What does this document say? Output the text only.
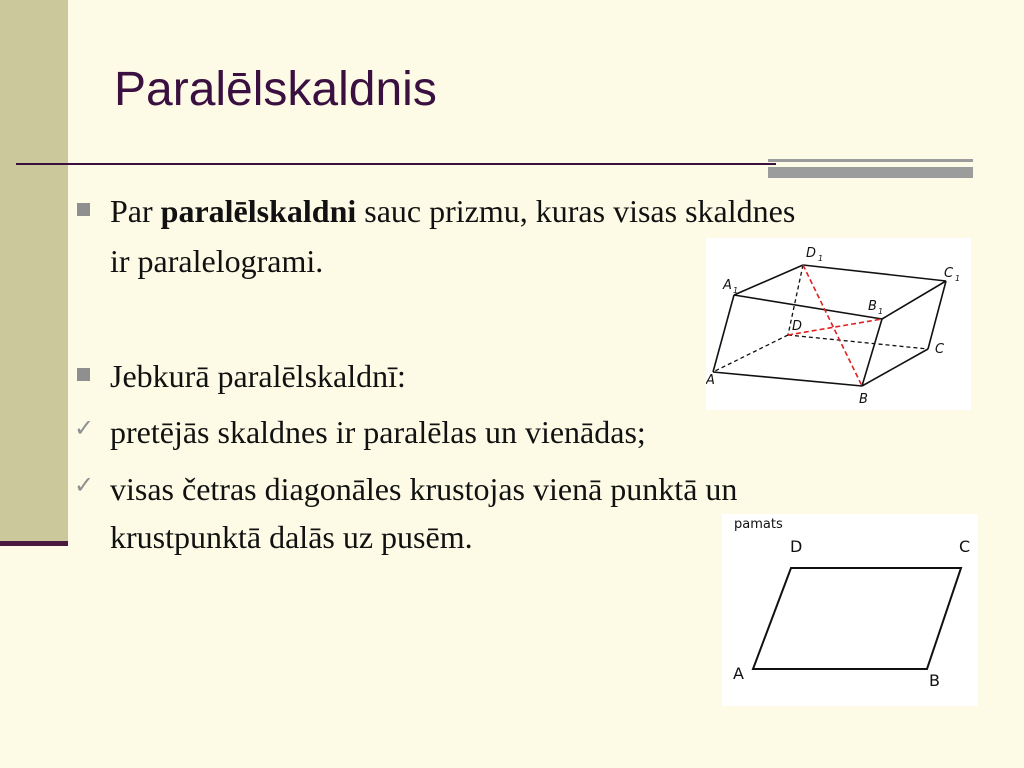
Paralēlskaldnis
Par paralēlskaldni sauc prizmu, kuras visas skaldnes
ir paralelogrami.
Jebkurā paralēlskaldnī:
✓ pretējās skaldnes ir paralēlas un vienādas;
✓ visas četras diagonāles krustojas vienā punktā un
krustpunktā dalās uz pusēm.
D 1
A 1
C 1
B 1
D
C
A
B
pamats
D	C
A	B
